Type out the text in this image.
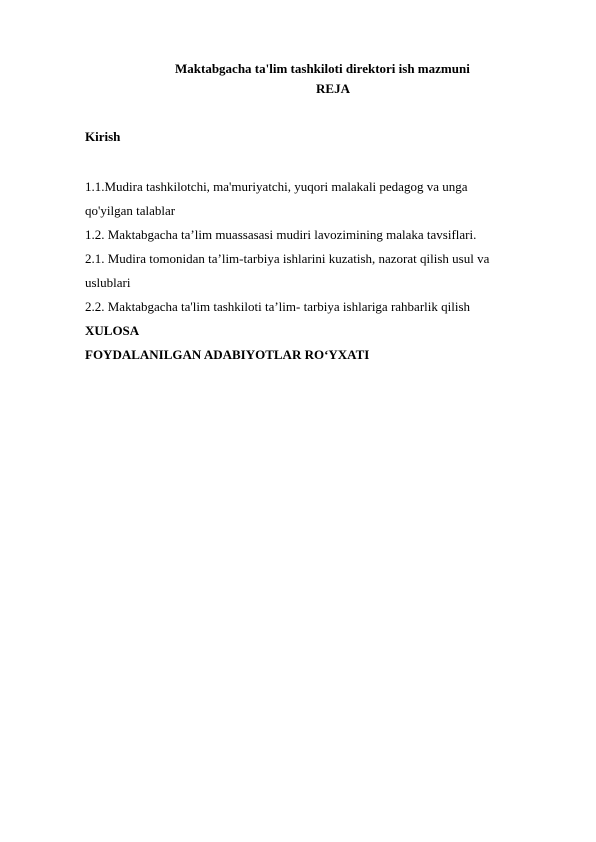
Maktabgacha ta'lim tashkiloti direktori ish mazmuni
REJA
Kirish
1.1.Mudira tashkilotchi, ma'muriyatchi, yuqori malakali pedagog va unga
qo'yilgan talablar
1.2. Maktabgacha ta’lim muassasasi mudiri lavozimining malaka tavsiflari.
2.1. Mudira tomonidan ta’lim-tarbiya ishlarini kuzatish, nazorat qilish usul va
uslublari
2.2. Maktabgacha ta'lim tashkiloti ta’lim- tarbiya ishlariga rahbarlik qilish
XULOSA
FOYDALANILGAN ADABIYOTLAR RO‘YXATI
